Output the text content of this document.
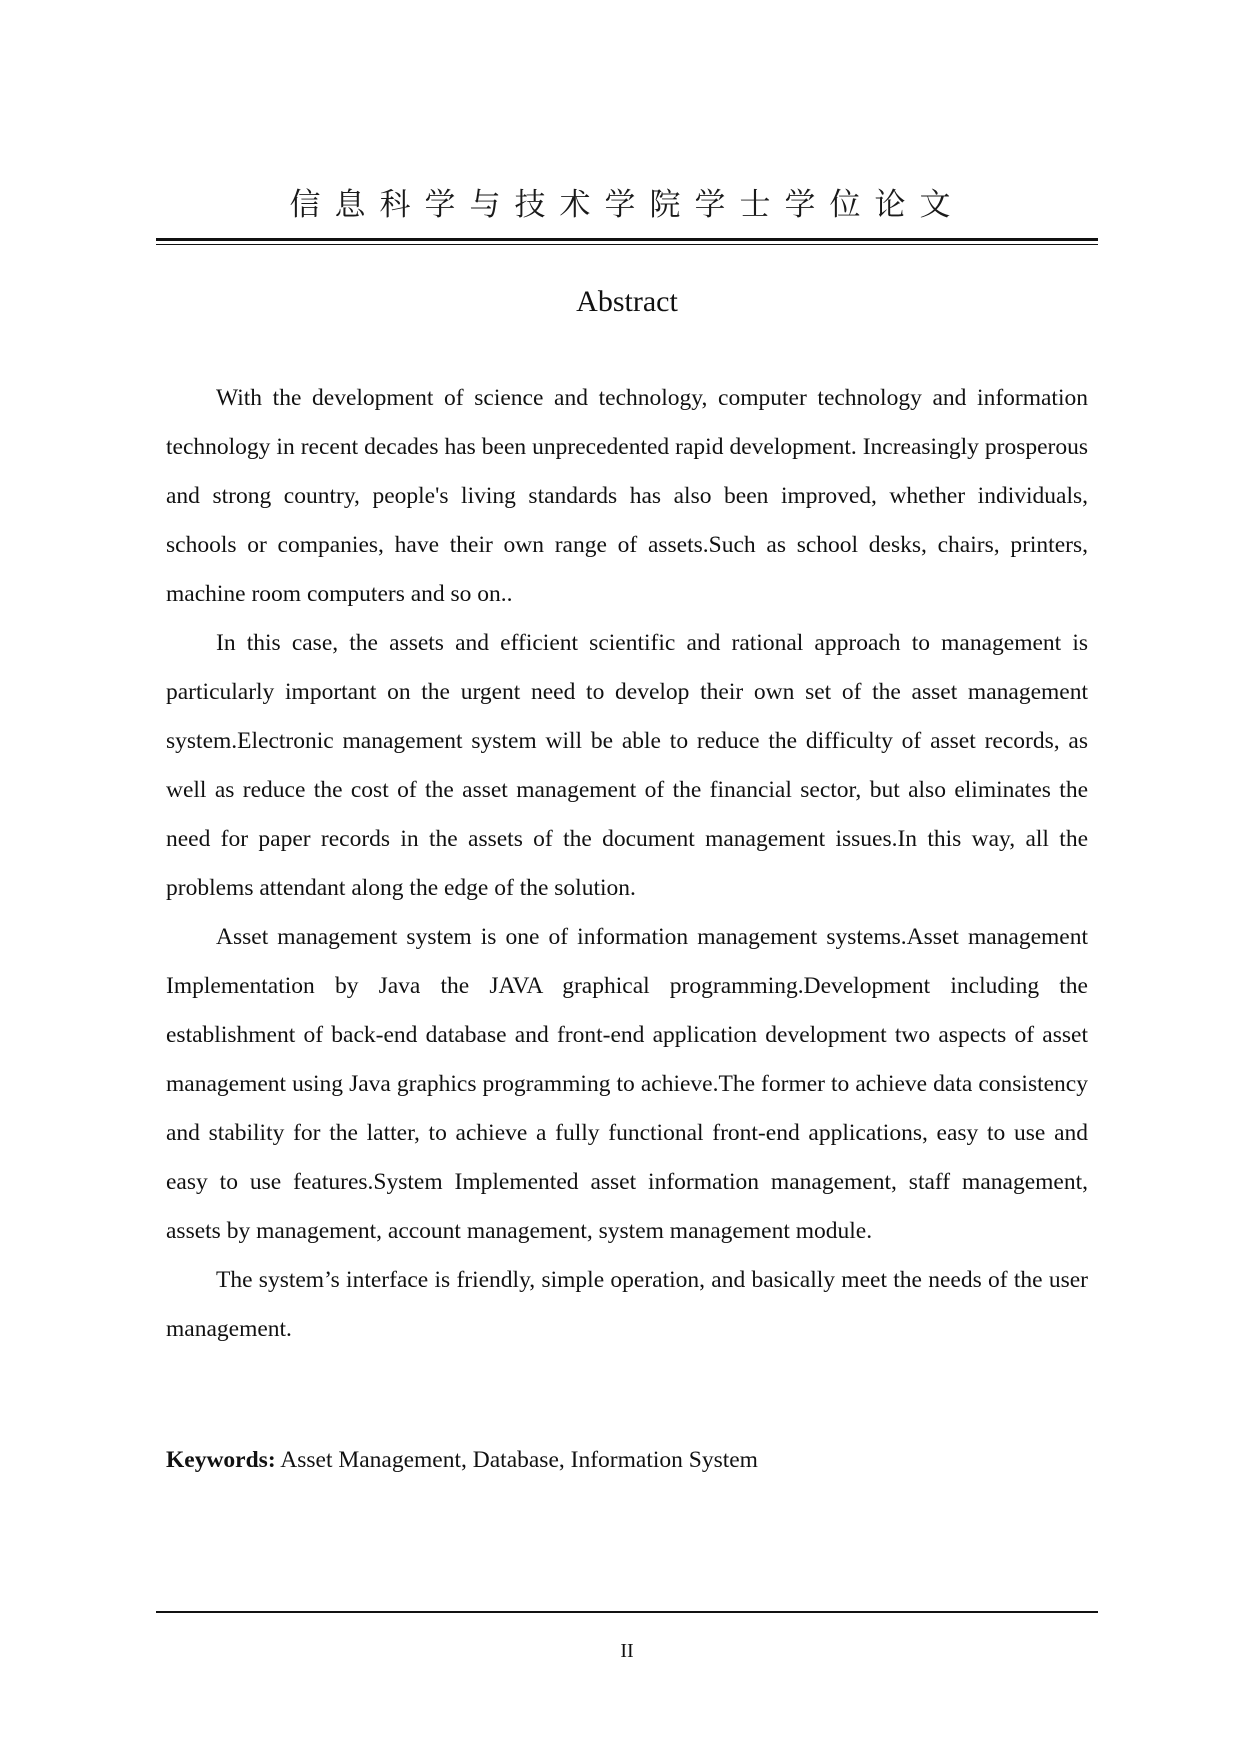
信息科学与技术学院学士学位论文
Abstract

With the development of science and technology, computer technology and information technology in recent decades has been unprecedented rapid development. Increasingly prosperous and strong country, people's living standards has also been improved, whether individuals, schools or companies, have their own range of assets.Such as school desks, chairs, printers, machine room computers and so on..

In this case, the assets and efficient scientific and rational approach to management is particularly important on the urgent need to develop their own set of the asset management system.Electronic management system will be able to reduce the difficulty of asset records, as well as reduce the cost of the asset management of the financial sector, but also eliminates the need for paper records in the assets of the document management issues.In this way, all the problems attendant along the edge of the solution.

Asset management system is one of information management systems.Asset management Implementation by Java the JAVA graphical programming.Development including the establishment of back-end database and front-end application development two aspects of asset management using Java graphics programming to achieve.The former to achieve data consistency and stability for the latter, to achieve a fully functional front-end applications, easy to use and easy to use features.System Implemented asset information management, staff management, assets by management, account management, system management module.

The system’s interface is friendly, simple operation, and basically meet the needs of the user management.

Keywords: Asset Management, Database, Information System
II
